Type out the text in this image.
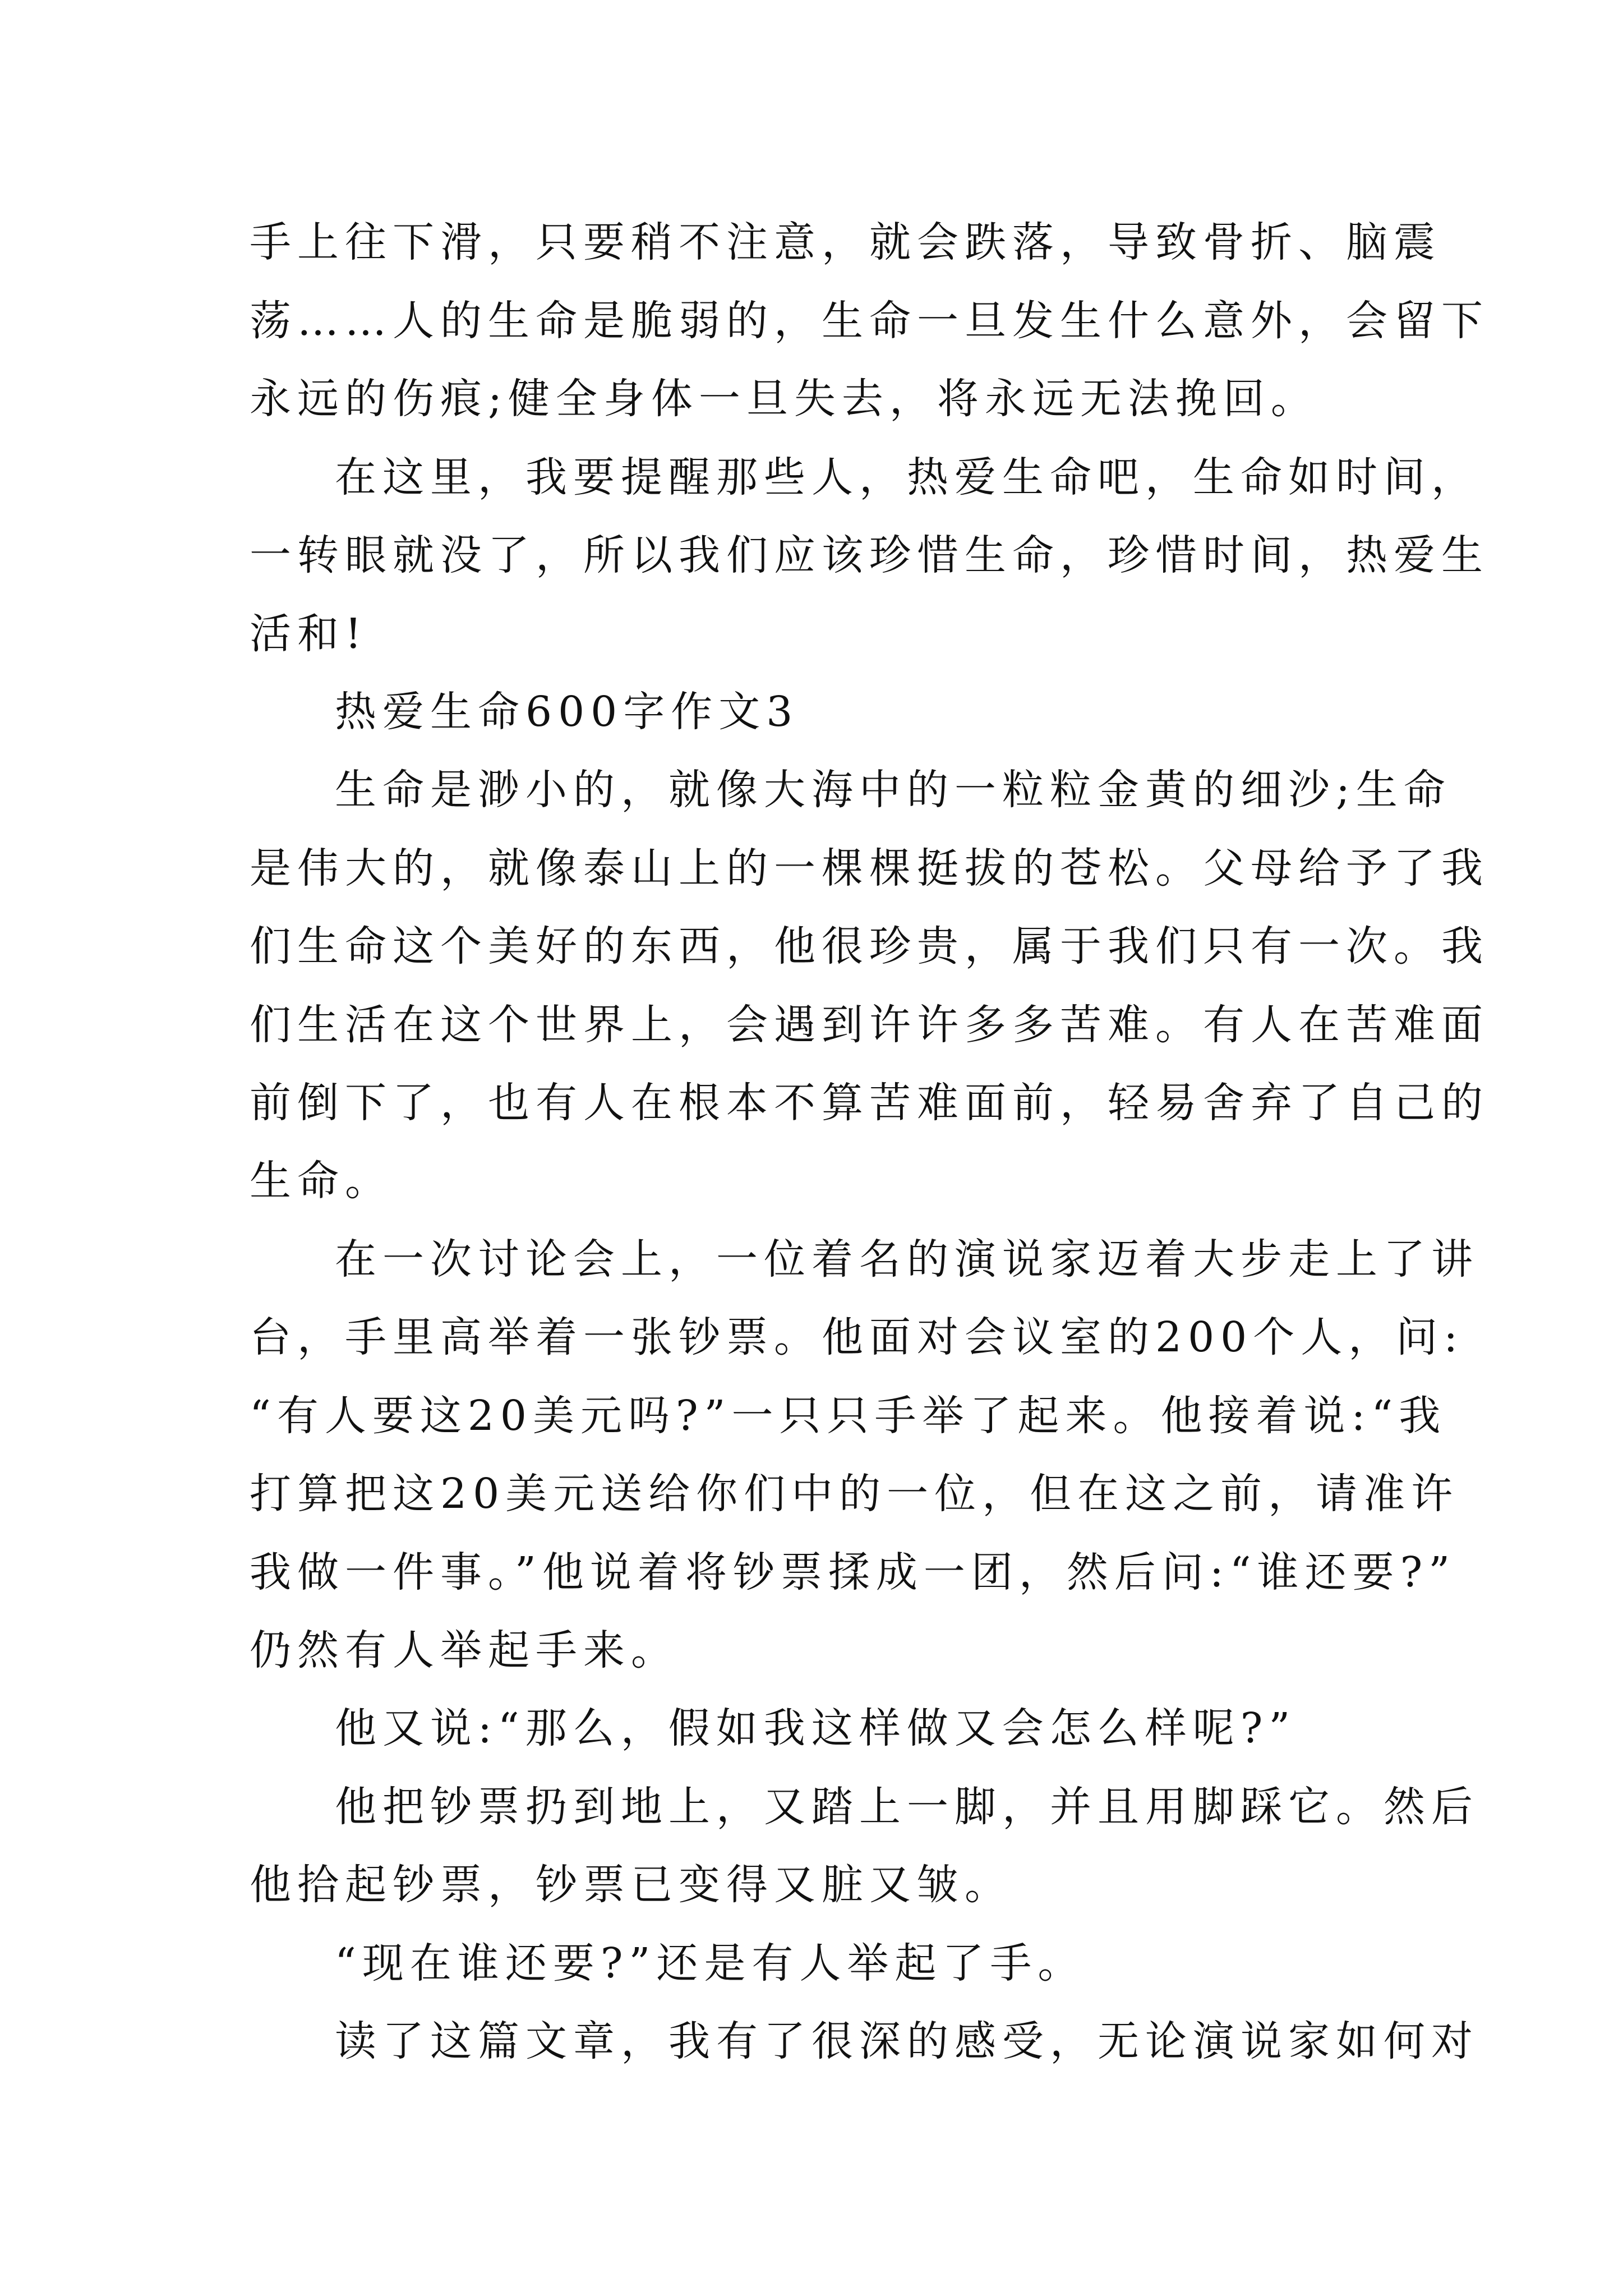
手上往下滑，只要稍不注意，就会跌落，导致骨折、脑震
荡……人的生命是脆弱的，生命一旦发生什么意外，会留下
永远的伤痕;健全身体一旦失去，将永远无法挽回。
在这里，我要提醒那些人，热爱生命吧，生命如时间，
一转眼就没了，所以我们应该珍惜生命，珍惜时间，热爱生
活和!
热爱生命600字作文3
生命是渺小的，就像大海中的一粒粒金黄的细沙;生命
是伟大的，就像泰山上的一棵棵挺拔的苍松。父母给予了我
们生命这个美好的东西，他很珍贵，属于我们只有一次。我
们生活在这个世界上，会遇到许许多多苦难。有人在苦难面
前倒下了，也有人在根本不算苦难面前，轻易舍弃了自己的
生命。
在一次讨论会上，一位着名的演说家迈着大步走上了讲
台，手里高举着一张钞票。他面对会议室的200个人，问:
“有人要这20美元吗?”一只只手举了起来。他接着说:“我
打算把这20美元送给你们中的一位，但在这之前，请准许
我做一件事。”他说着将钞票揉成一团，然后问:“谁还要?”
仍然有人举起手来。
他又说:“那么，假如我这样做又会怎么样呢?”
他把钞票扔到地上，又踏上一脚，并且用脚踩它。然后
他拾起钞票，钞票已变得又脏又皱。
“现在谁还要?”还是有人举起了手。
读了这篇文章，我有了很深的感受，无论演说家如何对
